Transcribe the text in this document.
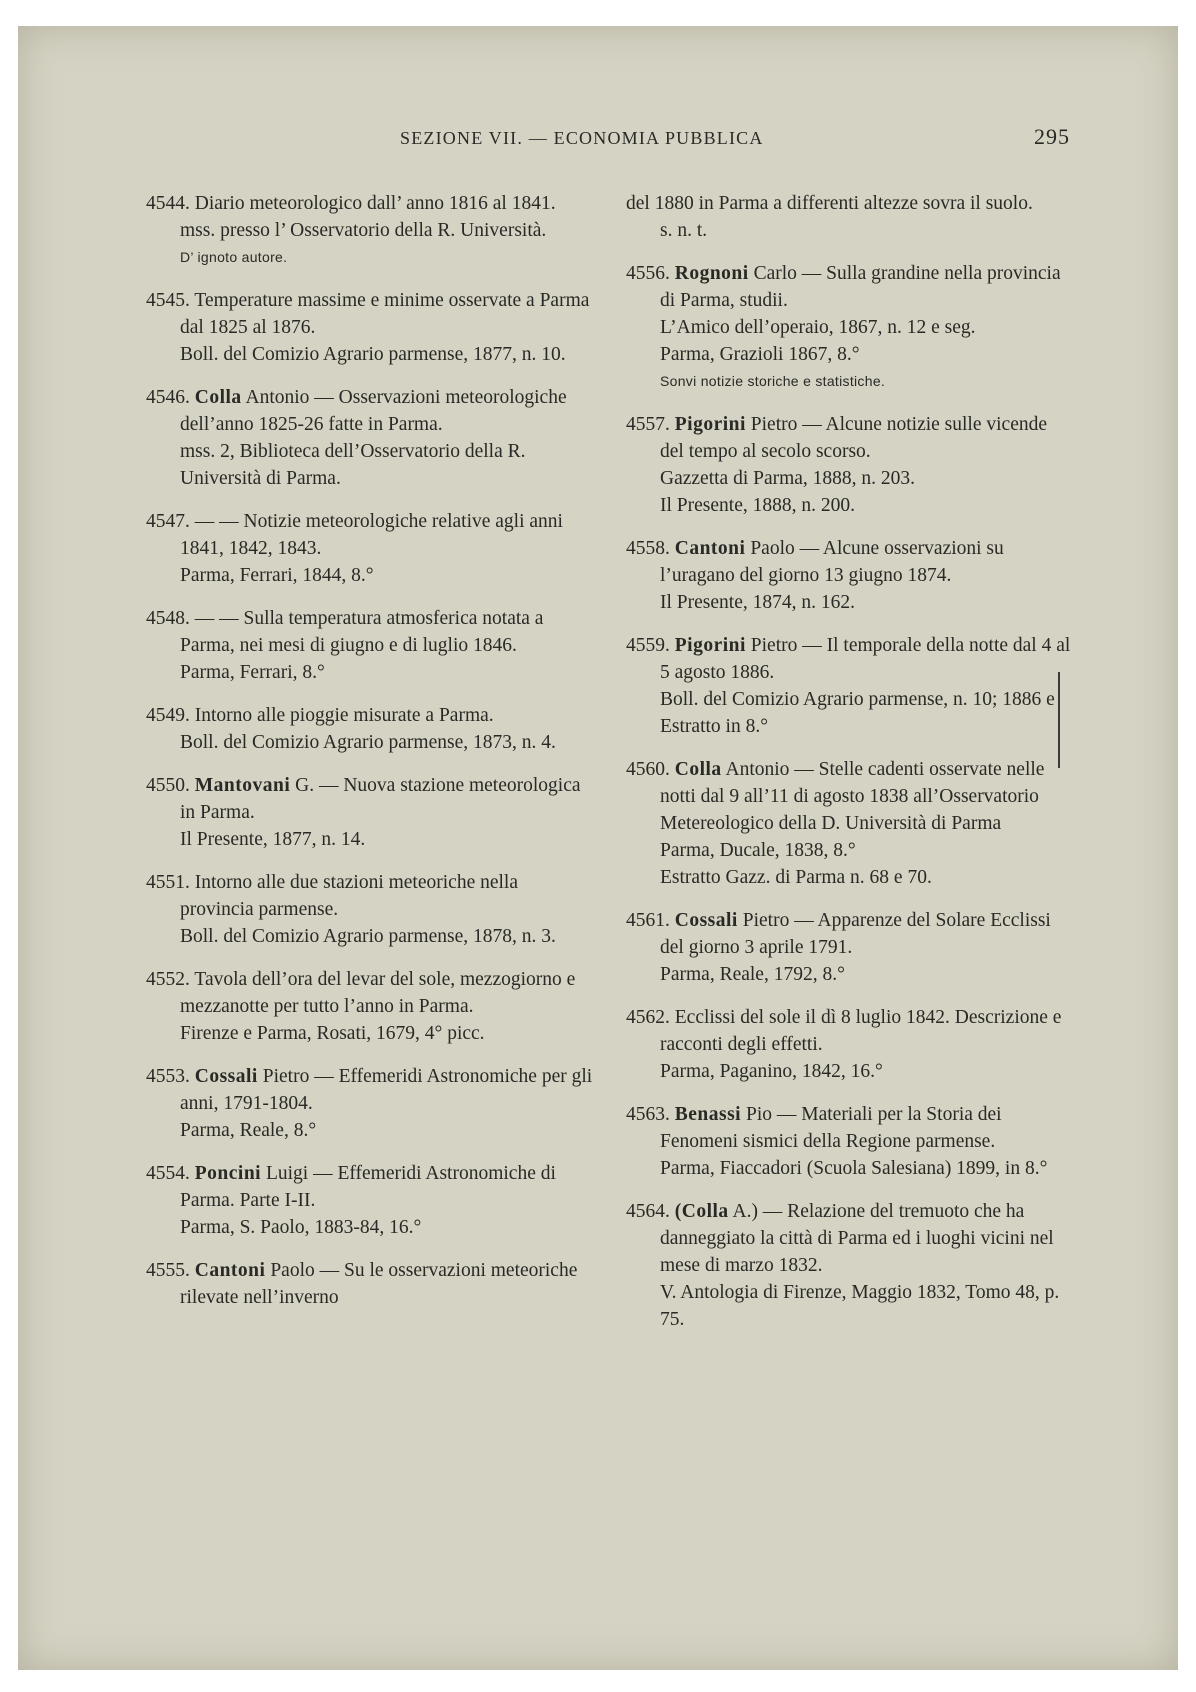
SEZIONE VII. — ECONOMIA PUBBLICA	295
4544. Diario meteorologico dall’ anno 1816 al 1841.
mss. presso l’ Osservatorio della R. Università.
D’ ignoto autore.
4545. Temperature massime e minime osservate a Parma dal 1825 al 1876.
Boll. del Comizio Agrario parmense, 1877, n. 10.
4546. Colla Antonio — Osservazioni meteorologiche dell’anno 1825-26 fatte in Parma.
mss. 2, Biblioteca dell’Osservatorio della R. Università di Parma.
4547. — — Notizie meteorologiche relative agli anni 1841, 1842, 1843.
Parma, Ferrari, 1844, 8.°
4548. — — Sulla temperatura atmosferica notata a Parma, nei mesi di giugno e di luglio 1846.
Parma, Ferrari, 8.°
4549. Intorno alle pioggie misurate a Parma.
Boll. del Comizio Agrario parmense, 1873, n. 4.
4550. Mantovani G. — Nuova stazione meteorologica in Parma.
Il Presente, 1877, n. 14.
4551. Intorno alle due stazioni meteoriche nella provincia parmense.
Boll. del Comizio Agrario parmense, 1878, n. 3.
4552. Tavola dell’ora del levar del sole, mezzogiorno e mezzanotte per tutto l’anno in Parma.
Firenze e Parma, Rosati, 1679, 4° picc.
4553. Cossali Pietro — Effemeridi Astronomiche per gli anni, 1791-1804.
Parma, Reale, 8.°
4554. Poncini Luigi — Effemeridi Astronomiche di Parma. Parte I-II.
Parma, S. Paolo, 1883-84, 16.°
4555. Cantoni Paolo — Su le osservazioni meteoriche rilevate nell’inverno
del 1880 in Parma a differenti altezze sovra il suolo.
s. n. t.
4556. Rognoni Carlo — Sulla grandine nella provincia di Parma, studii.
L’Amico dell’operaio, 1867, n. 12 e seg.
Parma, Grazioli 1867, 8.°
Sonvi notizie storiche e statistiche.
4557. Pigorini Pietro — Alcune notizie sulle vicende del tempo al secolo scorso.
Gazzetta di Parma, 1888, n. 203.
Il Presente, 1888, n. 200.
4558. Cantoni Paolo — Alcune osservazioni su l’uragano del giorno 13 giugno 1874.
Il Presente, 1874, n. 162.
4559. Pigorini Pietro — Il temporale della notte dal 4 al 5 agosto 1886.
Boll. del Comizio Agrario parmense, n. 10; 1886 e Estratto in 8.°
4560. Colla Antonio — Stelle cadenti osservate nelle notti dal 9 all’11 di agosto 1838 all’Osservatorio Metereologico della D. Università di Parma
Parma, Ducale, 1838, 8.°
Estratto Gazz. di Parma n. 68 e 70.
4561. Cossali Pietro — Apparenze del Solare Ecclissi del giorno 3 aprile 1791.
Parma, Reale, 1792, 8.°
4562. Ecclissi del sole il dì 8 luglio 1842. Descrizione e racconti degli effetti.
Parma, Paganino, 1842, 16.°
4563. Benassi Pio — Materiali per la Storia dei Fenomeni sismici della Regione parmense.
Parma, Fiaccadori (Scuola Salesiana) 1899, in 8.°
4564. (Colla A.) — Relazione del tremuoto che ha danneggiato la città di Parma ed i luoghi vicini nel mese di marzo 1832.
V. Antologia di Firenze, Maggio 1832, Tomo 48, p. 75.
